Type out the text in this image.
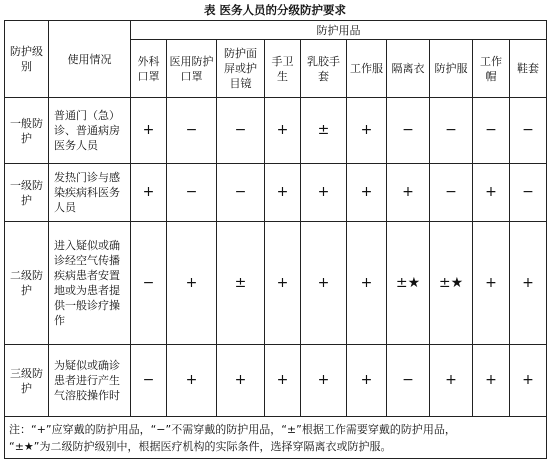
表 医务人员的分级防护要求
防护级别	使用情况	防护用品									
		外科口罩	医用防护口罩	防护面屏或护目镜	手卫生	乳胶手套	工作服	隔离衣	防护服	工作帽	鞋套
一般防护	普通门（急）诊、普通病房医务人员	+	−	−	+	±	+	−	−	−	−
一级防护	发热门诊与感染疾病科医务人员	+	−	−	+	+	+	+	−	+	−
二级防护	进入疑似或确诊经空气传播疾病患者安置地或为患者提供一般诊疗操作	−	+	±	+	+	+	±★	±★	+	+
三级防护	为疑似或确诊患者进行产生气溶胶操作时	−	+	+	+	+	+	−	+	+	+

注：“+”应穿戴的防护用品，“−”不需穿戴的防护用品，“±”根据工作需要穿戴的防护用品，
“±★”为二级防护级别中，根据医疗机构的实际条件，选择穿隔离衣或防护服。											
